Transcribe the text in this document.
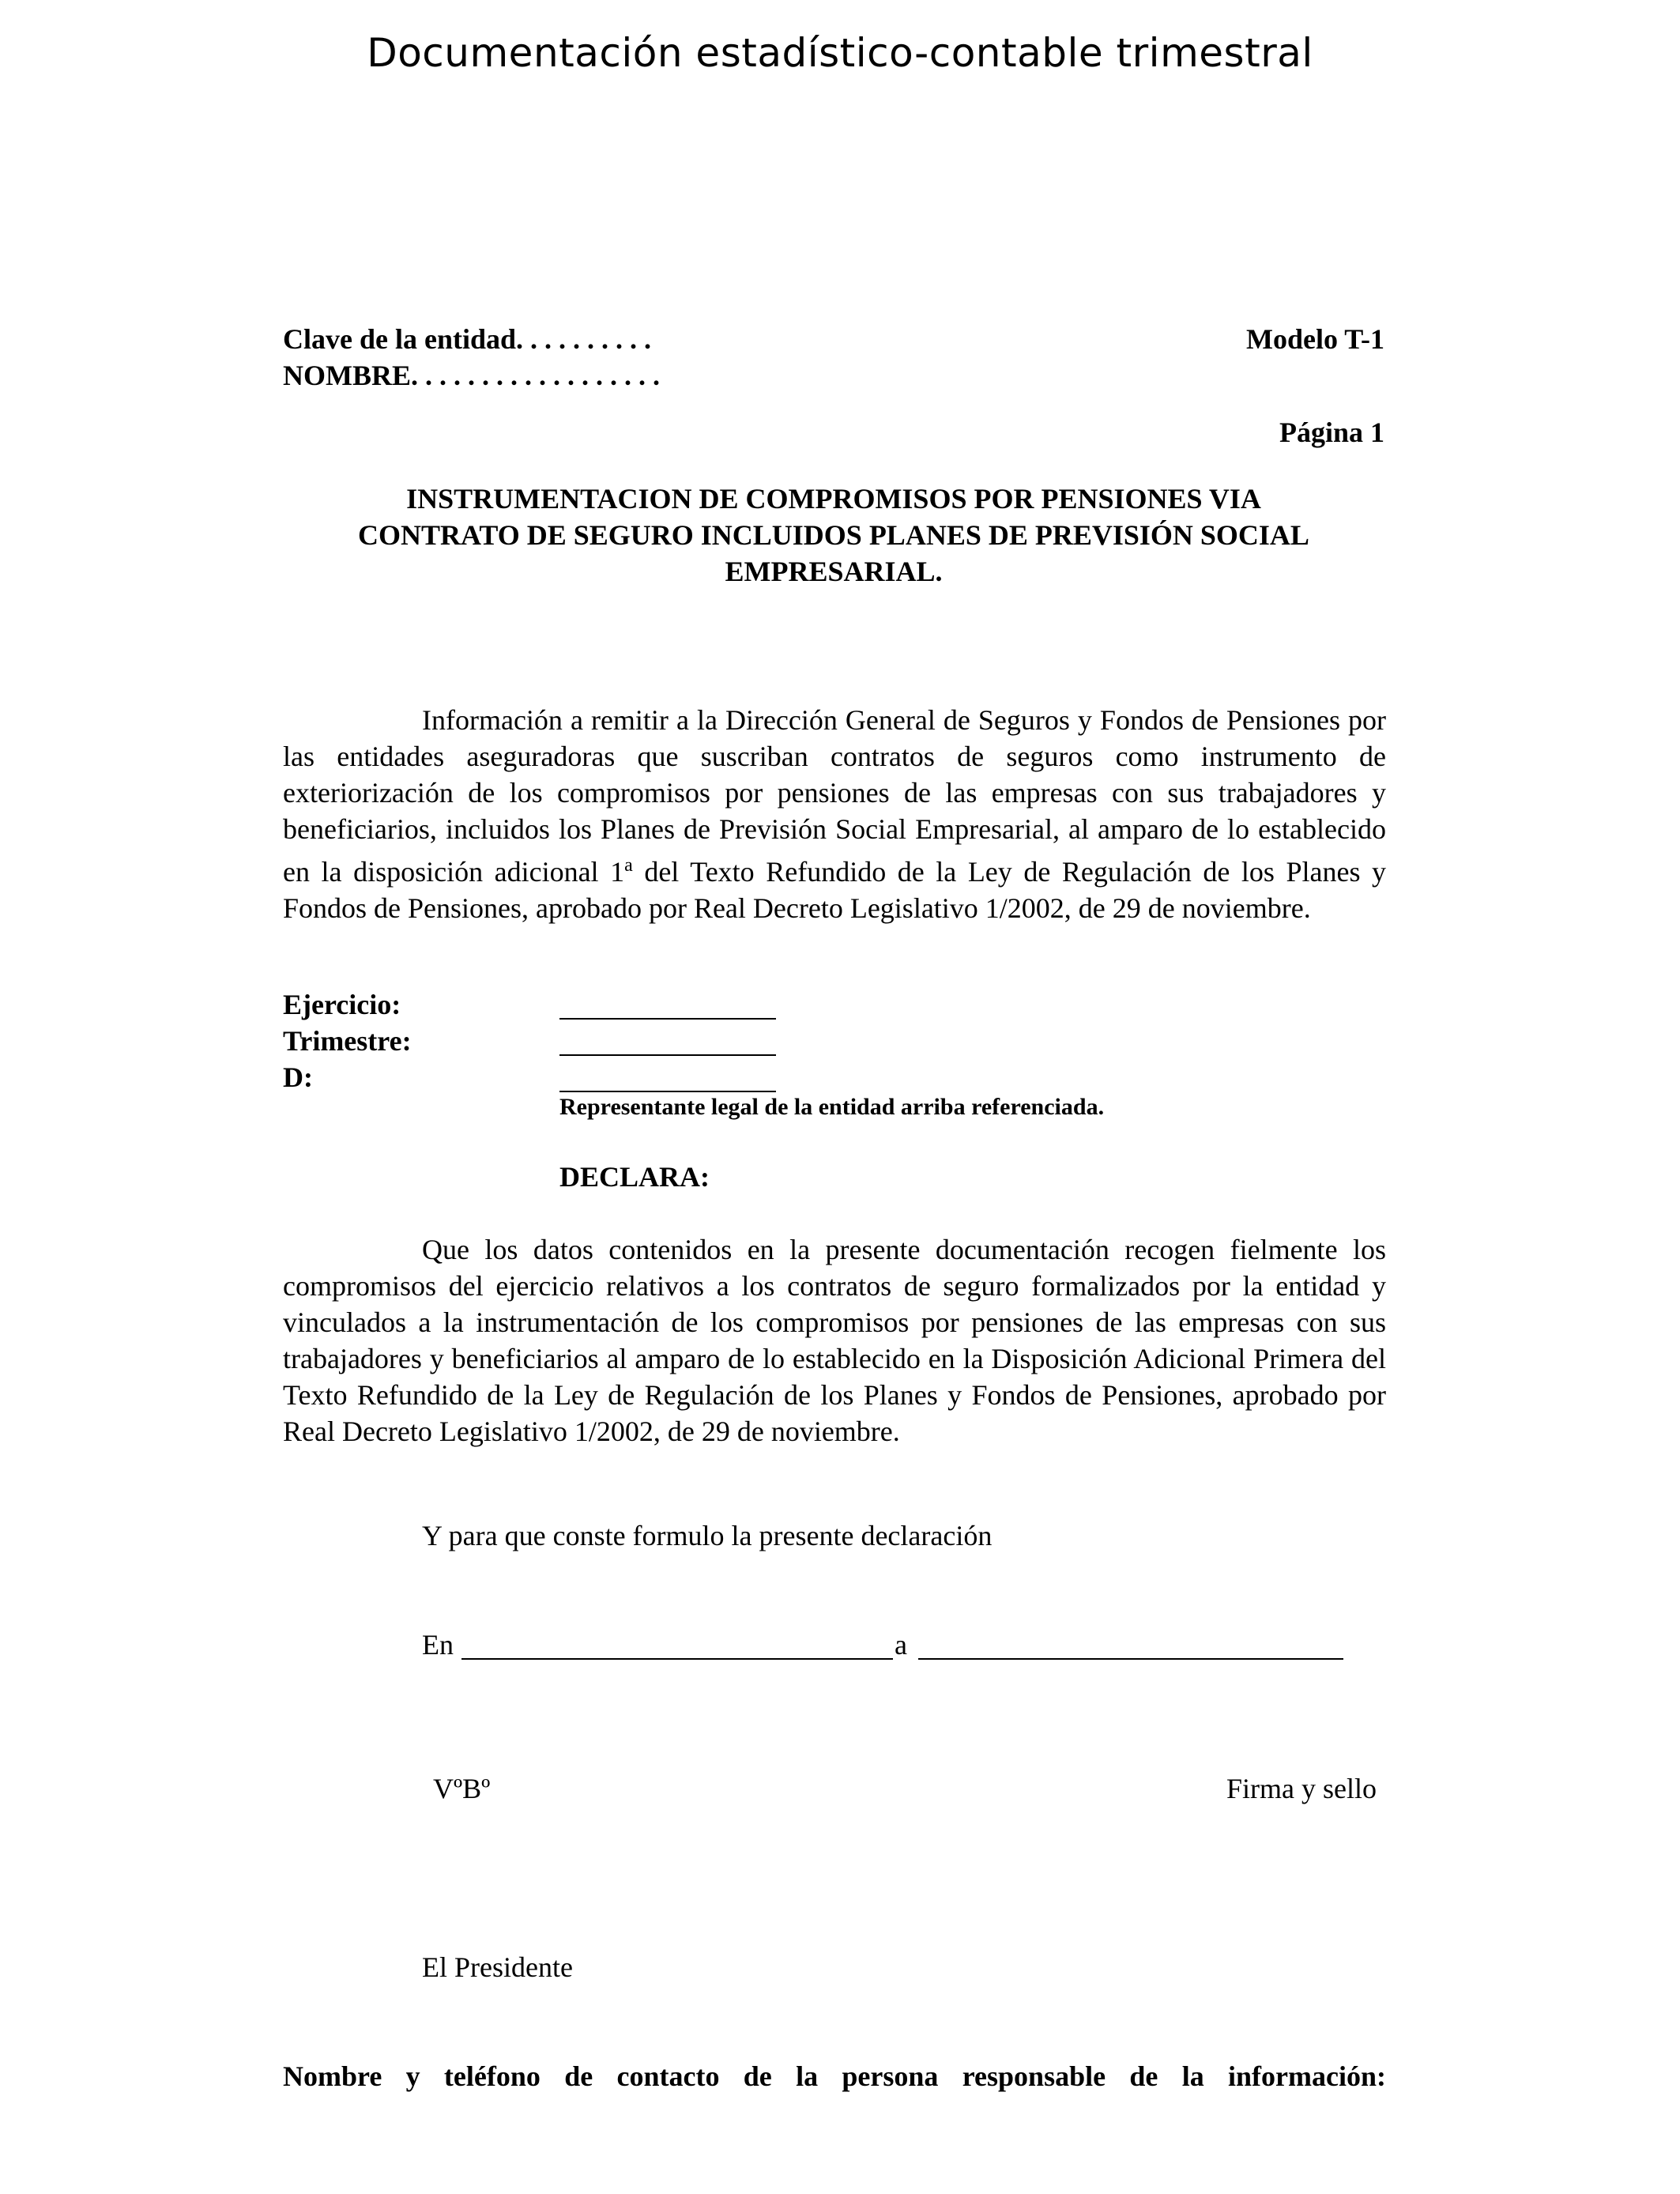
Documentación estadístico-contable trimestral
Clave de la entidad. . . . . . . . . .
NOMBRE. . . . . . . . . . . . . . . . . .
Modelo T-1
Página 1
INSTRUMENTACION DE COMPROMISOS POR PENSIONES VIA
CONTRATO DE SEGURO INCLUIDOS PLANES DE PREVISIÓN SOCIAL
EMPRESARIAL.
Información a remitir a la Dirección General de Seguros y Fondos de Pensiones por las entidades aseguradoras que suscriban contratos de seguros como instrumento de exteriorización de los compromisos por pensiones de las empresas con sus trabajadores y beneficiarios, incluidos los Planes de Previsión Social Empresarial, al amparo de lo establecido en la disposición adicional 1$^a$ del Texto Refundido de la Ley de Regulación de los Planes y Fondos de Pensiones, aprobado por Real Decreto Legislativo 1/2002, de 29 de noviembre.
Ejercicio:
Trimestre:
D:
Representante legal de la entidad arriba referenciada.
DECLARA:
Que los datos contenidos en la presente documentación recogen fielmente los compromisos del ejercicio relativos a los contratos de seguro formalizados por la entidad y vinculados a la instrumentación de los compromisos por pensiones de las empresas con sus trabajadores y beneficiarios al amparo de lo establecido en la Disposición Adicional Primera del Texto Refundido de la Ley de Regulación de los Planes y Fondos de Pensiones, aprobado por Real Decreto Legislativo 1/2002, de 29 de noviembre.
Y para que conste formulo la presente declaración
En	a
VºBº	Firma y sello
El Presidente
Nombre y teléfono de contacto de la persona responsable de la información:
